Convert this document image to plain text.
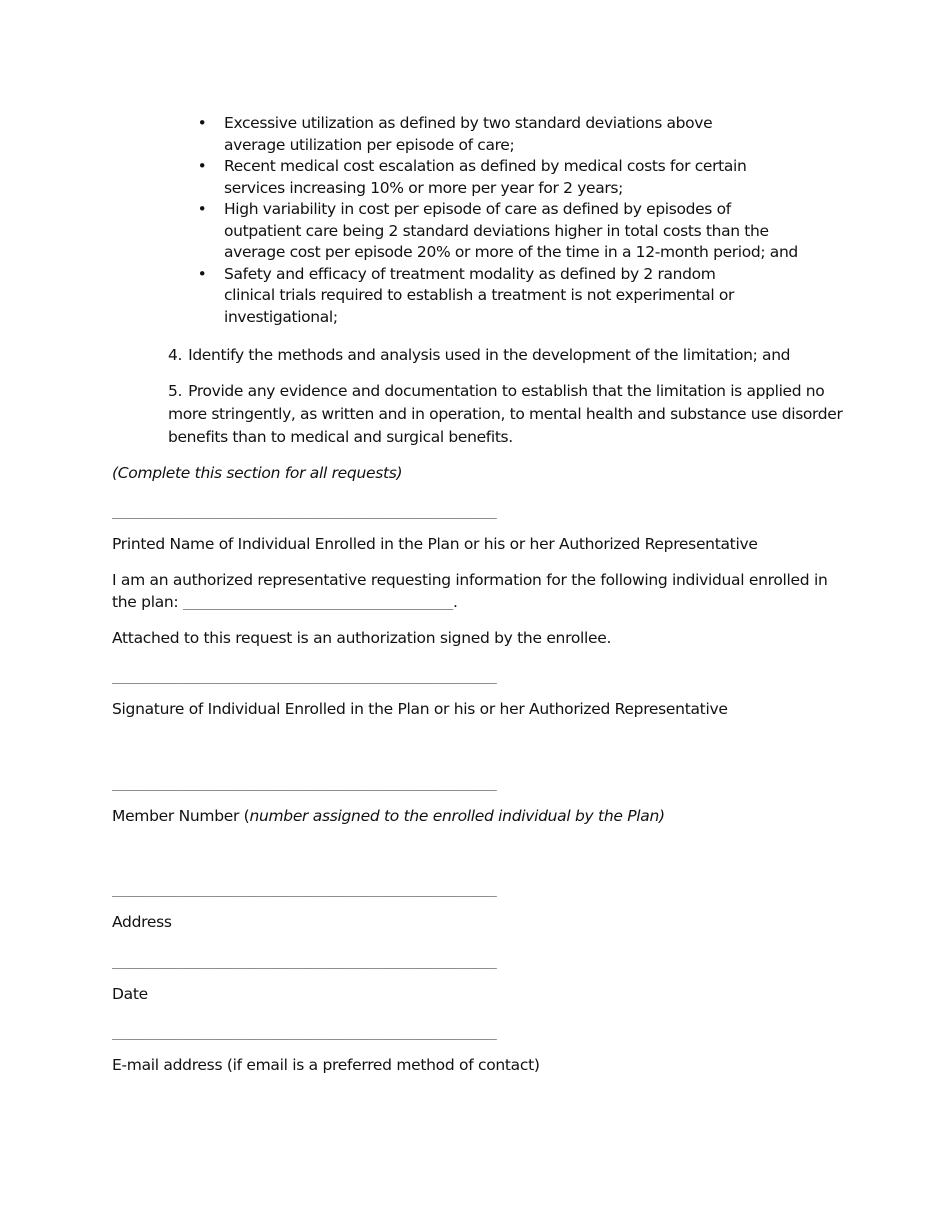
• Excessive utilization as defined by two standard deviations above
average utilization per episode of care;
• Recent medical cost escalation as defined by medical costs for certain
services increasing 10% or more per year for 2 years;
• High variability in cost per episode of care as defined by episodes of
outpatient care being 2 standard deviations higher in total costs than the
average cost per episode 20% or more of the time in a 12-month period; and
• Safety and efficacy of treatment modality as defined by 2 random
clinical trials required to establish a treatment is not experimental or
investigational;
4. Identify the methods and analysis used in the development of the limitation; and
5. Provide any evidence and documentation to establish that the limitation is applied no
more stringently, as written and in operation, to mental health and substance use disorder
benefits than to medical and surgical benefits.

(Complete this section for all requests)

______________________________________________________

Printed Name of Individual Enrolled in the Plan or his or her Authorized Representative

I am an authorized representative requesting information for the following individual enrolled in
the plan: _______________________________________.

Attached to this request is an authorization signed by the enrollee.

______________________________________________________

Signature of Individual Enrolled in the Plan or his or her Authorized Representative

______________________________________________________

Member Number (number assigned to the enrolled individual by the Plan)

______________________________________________________

Address

______________________________________________________

Date

______________________________________________________

E-mail address (if email is a preferred method of contact)
